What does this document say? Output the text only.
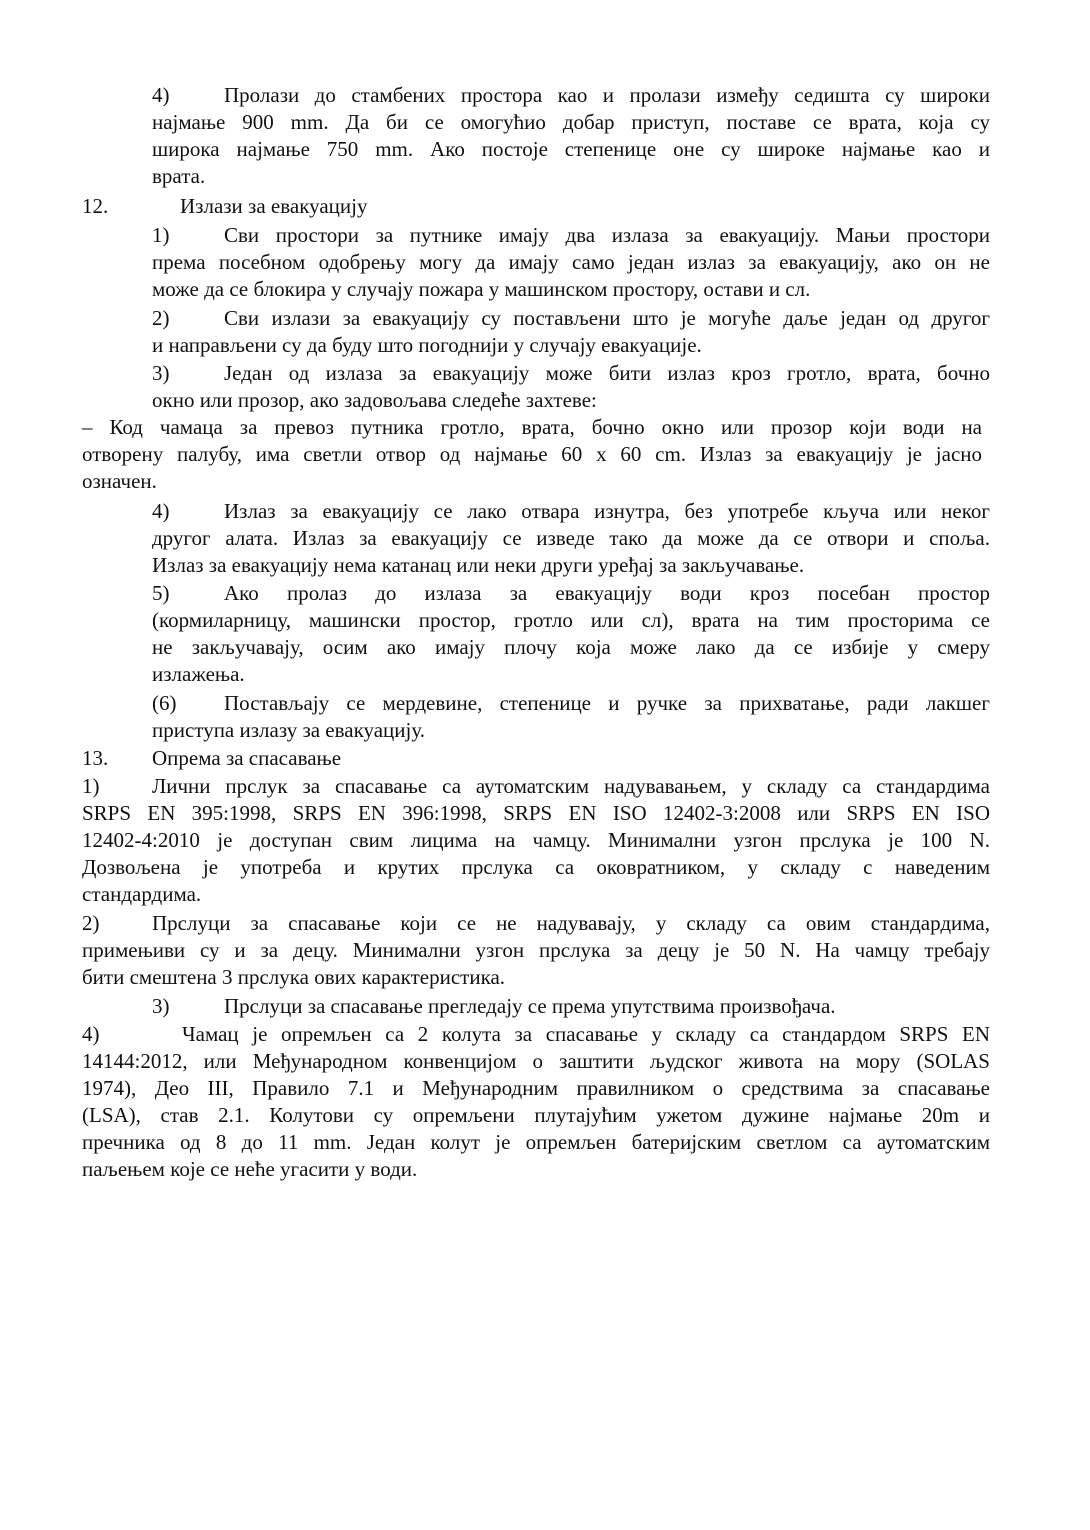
4)	Пролази до стамбених простора као и пролази између седишта су широки
најмање 900 mm. Да би се омогућио добар приступ, поставе се врата, која су
широка најмање 750 mm. Ако постоје степенице оне су широке најмање као и
врата.
12.	Излази за евакуацију
1)	Сви простори за путнике имају два излаза за евакуацију. Мањи простори
према посебном одобрењу могу да имају само један излаз за евакуацију, ако он не
може да се блокира у случају пожара у машинском простору, остави и сл.
2)	Сви излази за евакуацију су постављени што је могуће даље један од другог
и направљени су да буду што погоднији у случају евакуације.
3)	Један од излаза за евакуацију може бити излаз кроз гротло, врата, бочно
окно или прозор, ако задовољава следеће захтеве:
– Код чамаца за превоз путника гротло, врата, бочно окно или прозор који води на
отворену палубу, има светли отвор од најмање 60 x 60 cm. Излаз за евакуацију је јасно
означен.
4)	Излаз за евакуацију се лако отвара изнутра, без употребе кључа или неког
другог алата. Излаз за евакуацију се изведе тако да може да се отвори и споља.
Излаз за евакуацију нема катанац или неки други уређај за закључавање.
5)	Ако пролаз до излаза за евакуацију води кроз посебан простор
(кормиларницу, машински простор, гротло или сл), врата на тим просторима се
не закључавају, осим ако имају плочу која може лако да се избије у смеру
излажења.
(6) Постављају се мердевине, степенице и ручке за прихватање, ради лакшег
приступа излазу за евакуацију.
13. Опрема за спасавање
1)	Лични прслук за спасавање са аутоматским надувавањем, у складу са стандардима
SRPS EN 395:1998, SRPS EN 396:1998, SRPS EN ISO 12402-3:2008 или SRPS EN ISO
12402-4:2010 је доступан свим лицима на чамцу. Минимални узгон прслука је 100 N.
Дозвољена је употреба и крутих прслука са оковратником, у складу с наведеним
стандардима.
2)	Прслуци за спасавање који се не надувавају, у складу са овим стандардима,
примењиви су и за децу. Минимални узгон прслука за децу је 50 N. На чамцу требају
бити смештена 3 прслука ових карактеристика.
3)	Прслуци за спасавање прегледају се према упутствима произвођача.
4)	Чамац је опремљен са 2 колута за спасавање у складу са стандардом SRPS EN
14144:2012, или Међународном конвенцијом о заштити људског живота на мору (SOLAS
1974), Део III, Правило 7.1 и Међународним правилником о средствима за спасавање
(LSA), став 2.1. Колутови су опремљени плутајућим ужетом дужине најмање 20m и
пречника од 8 до 11 mm. Један колут је опремљен батеријским светлом са аутоматским
паљењем које се неће угасити у води.
